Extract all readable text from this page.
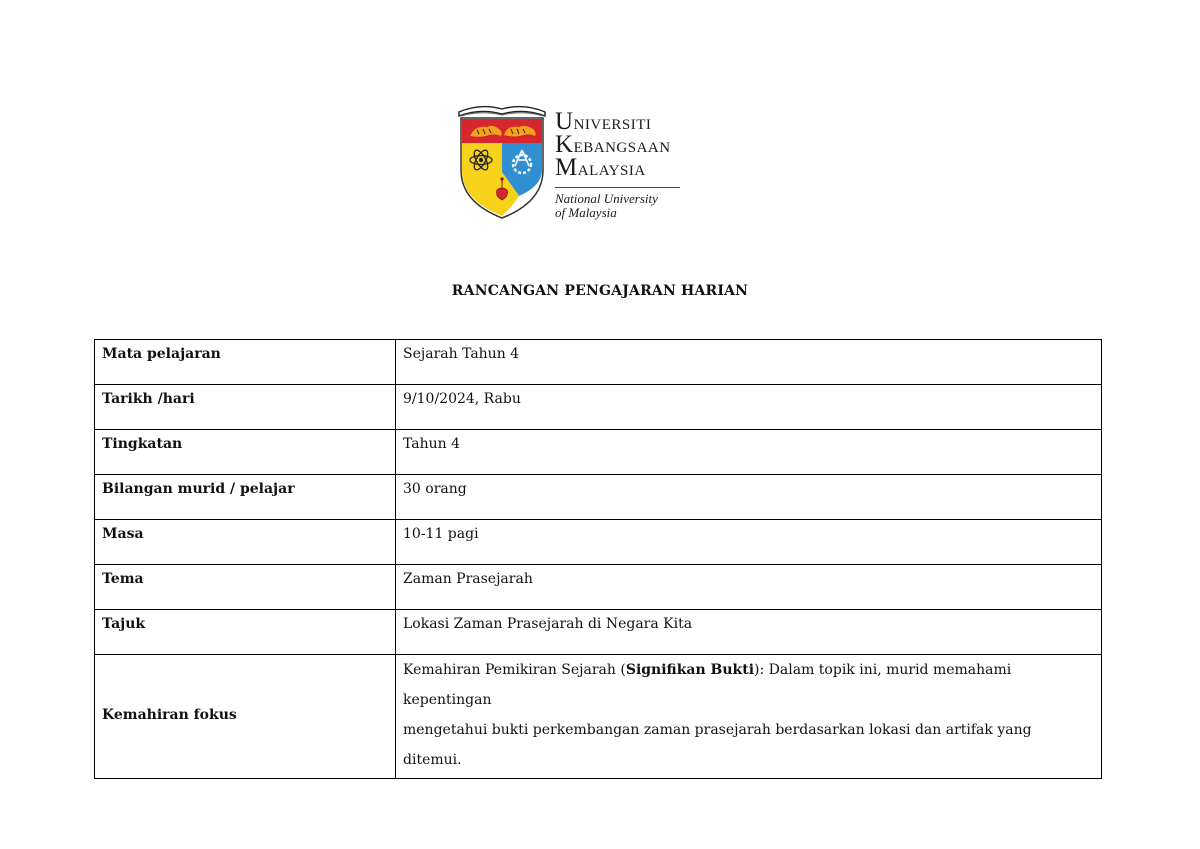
UNIVERSITI
KEBANGSAAN
MALAYSIA
National University
of Malaysia
RANCANGAN PENGAJARAN HARIAN
Mata pelajaran	Sejarah Tahun 4
Tarikh /hari	9/10/2024, Rabu
Tingkatan	Tahun 4
Bilangan murid / pelajar	30 orang
Masa	10-11 pagi
Tema	Zaman Prasejarah
Tajuk	Lokasi Zaman Prasejarah di Negara Kita
Kemahiran fokus	Kemahiran Pemikiran Sejarah (Signifikan Bukti): Dalam topik ini, murid memahami kepentingan
mengetahui bukti perkembangan zaman prasejarah berdasarkan lokasi dan artifak yang ditemui.
